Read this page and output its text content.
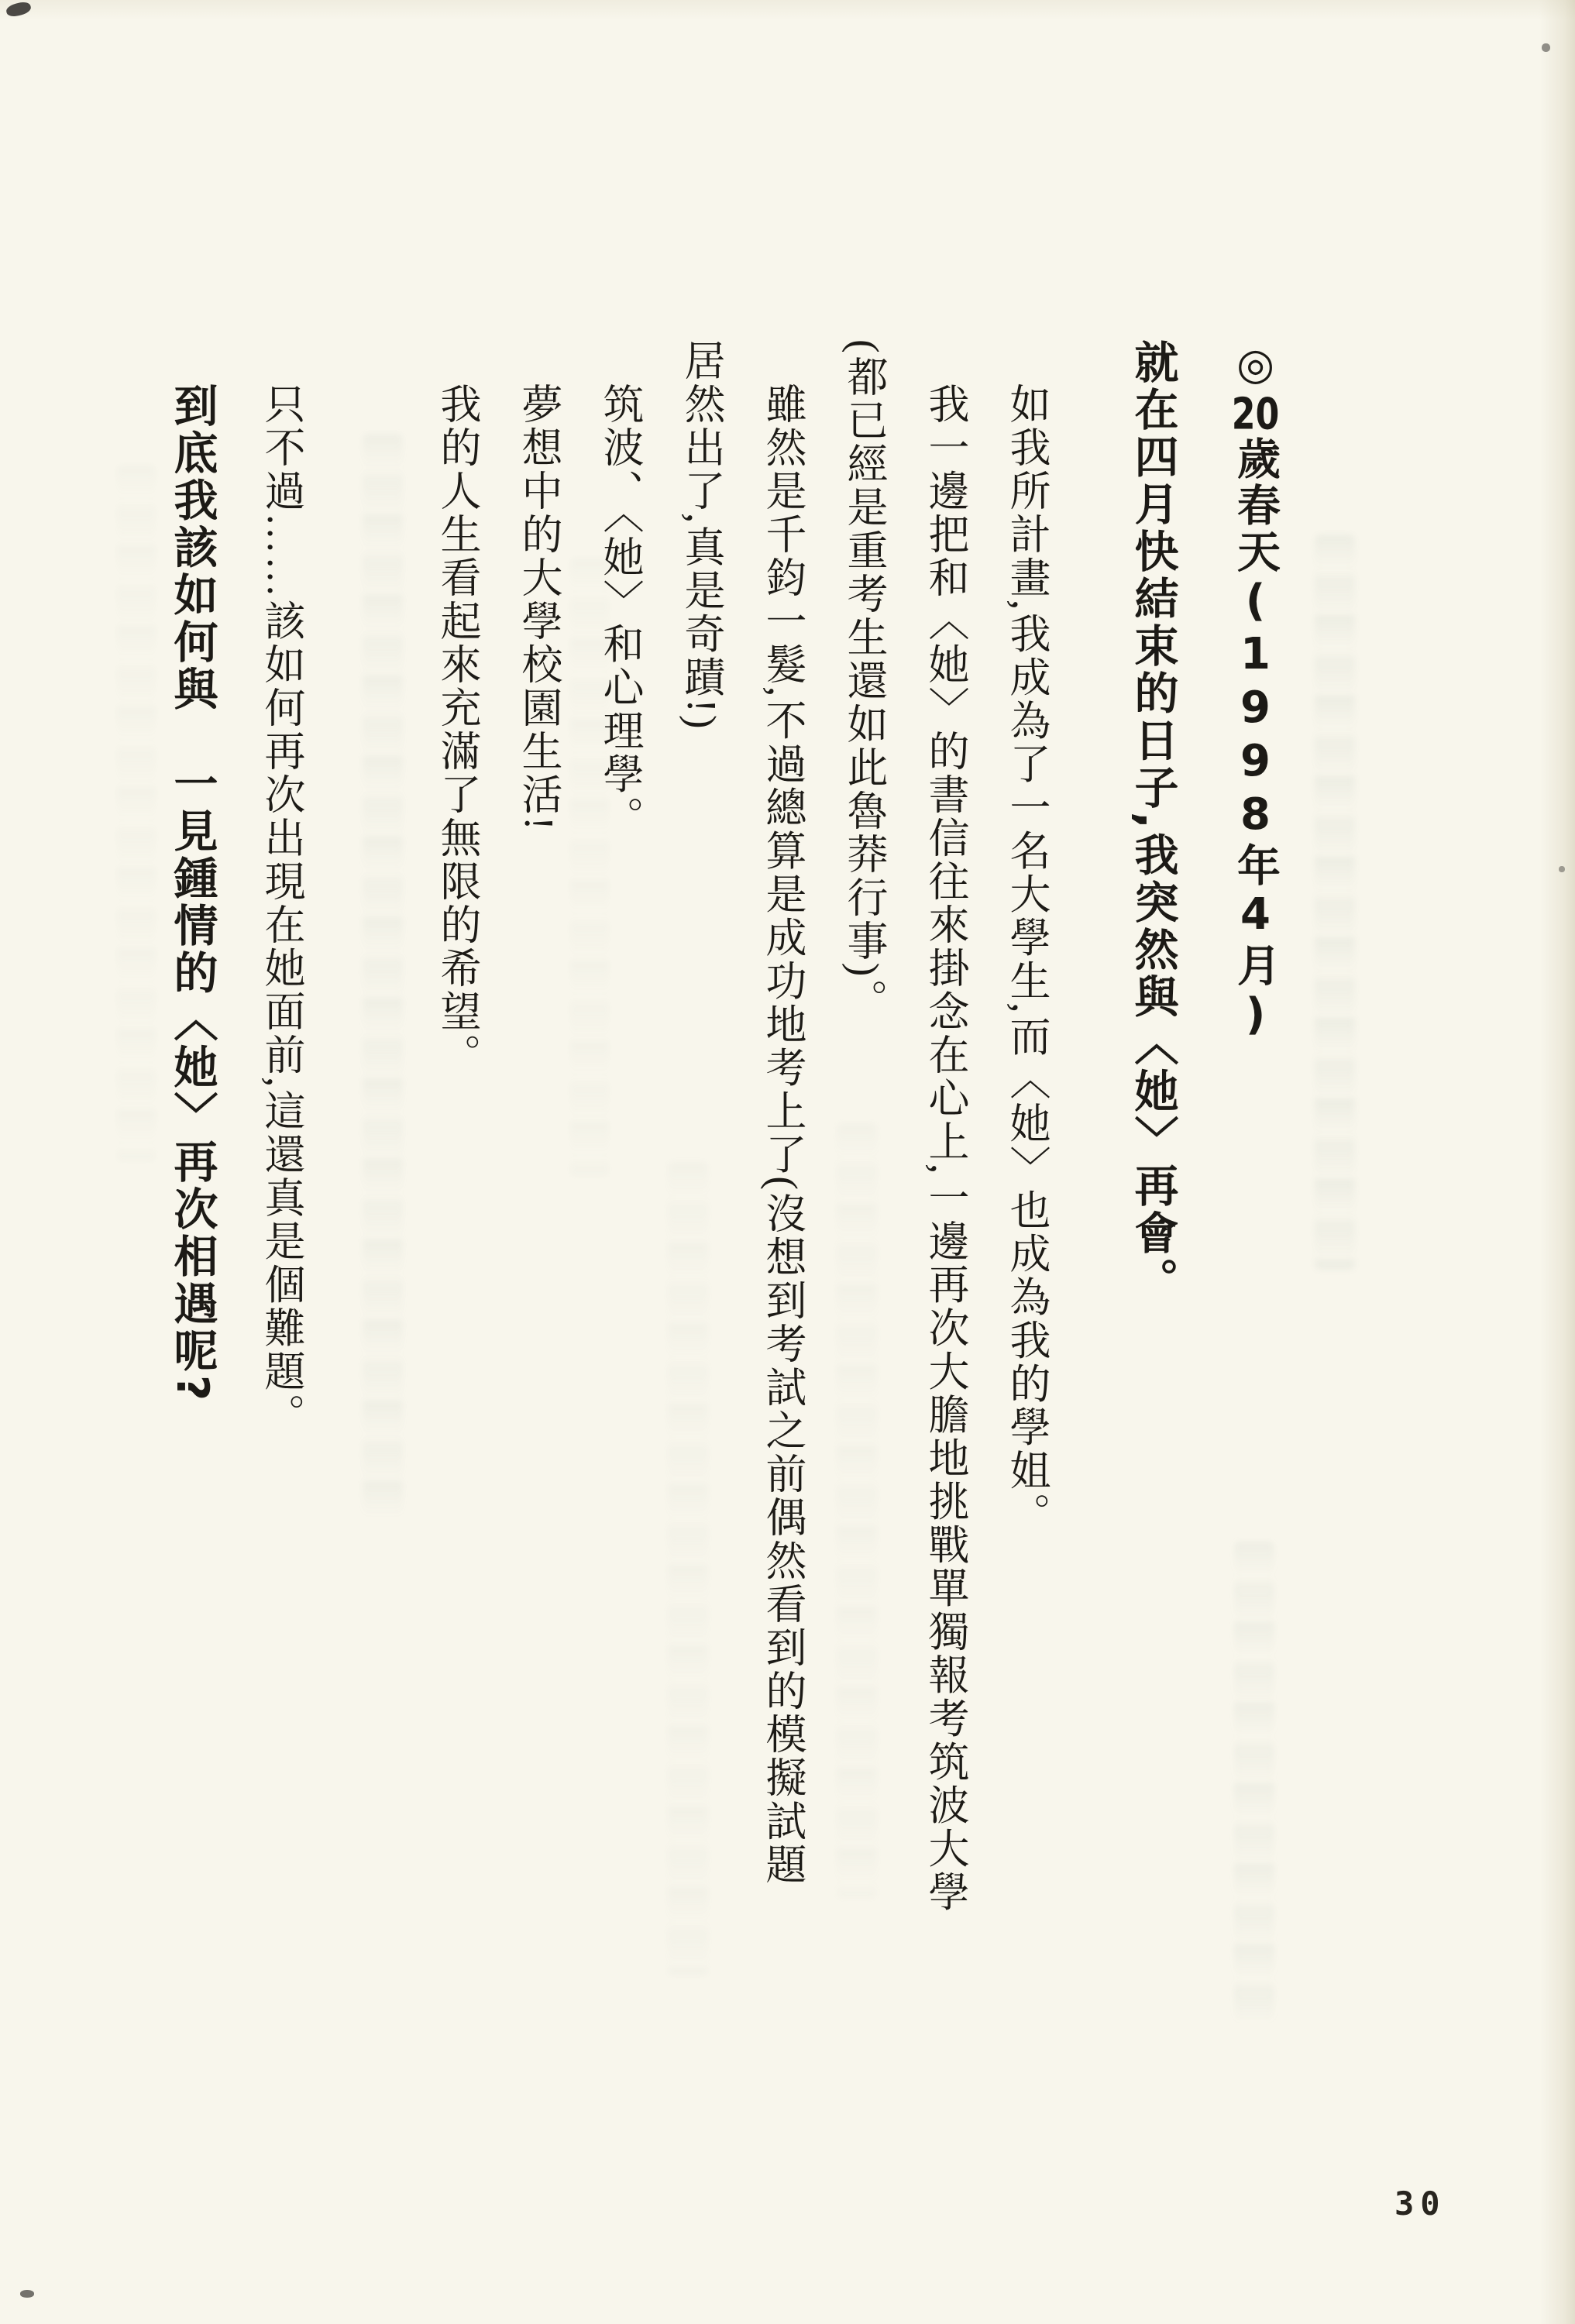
◎20歲春天(1998年4月)
就在四月快結束的日子,我突然與〈她〉再會。
如我所計畫,我成為了一名大學生,而〈她〉也成為我的學姐。
我一邊把和〈她〉的書信往來掛念在心上,一邊再次大膽地挑戰單獨報考筑波大學
(都已經是重考生還如此魯莽行事)。
雖然是千鈞一髮,不過總算是成功地考上了(沒想到考試之前偶然看到的模擬試題
居然出了,真是奇蹟!)
筑波、〈她〉和心理學。
夢想中的大學校園生活!
我的人生看起來充滿了無限的希望。
只不過……該如何再次出現在她面前,這還真是個難題。
到底我該如何與　一見鍾情的〈她〉再次相遇呢?
30
